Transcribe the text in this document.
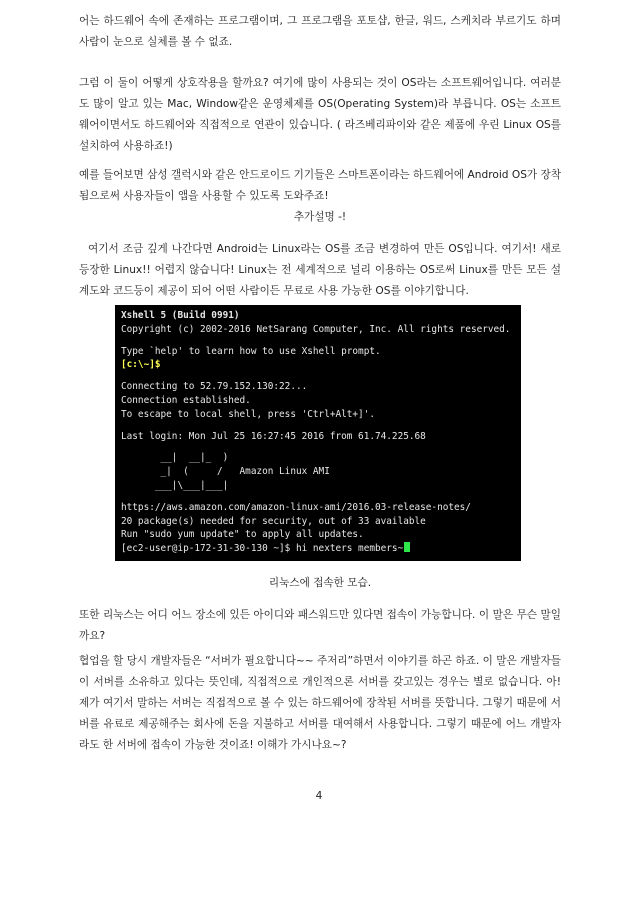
어는 하드웨어 속에 존재하는 프로그램이며, 그 프로그램을 포토샵, 한글, 워드, 스케치라 부르기도 하며 사람이 눈으로 실체를 볼 수 없죠.

그럼 이 둘이 어떻게 상호작용을 할까요? 여기에 많이 사용되는 것이 OS라는 소프트웨어입니다. 여러분도 많이 알고 있는 Mac, Window같은 운영체제를 OS(Operating System)라 부릅니다. OS는 소프트웨어이면서도 하드웨어와 직접적으로 연관이 있습니다. ( 라즈베리파이와 같은 제품에 우린 Linux OS를 설치하여 사용하죠!)

예를 들어보면 삼성 갤럭시와 같은 안드로이드 기기들은 스마트폰이라는 하드웨어에 Android OS가 장착됨으로써 사용자들이 앱을 사용할 수 있도록 도와주죠!

추가설명 -!

여기서 조금 깊게 나간다면 Android는 Linux라는 OS를 조금 변경하여 만든 OS입니다. 여기서! 새로 등장한 Linux!! 어렵지 않습니다! Linux는 전 세계적으로 널리 이용하는 OS로써 Linux를 만든 모든 설계도와 코드등이 제공이 되어 어떤 사람이든 무료로 사용 가능한 OS를 이야기합니다.

Xshell 5 (Build 0991)
Copyright (c) 2002-2016 NetSarang Computer, Inc. All rights reserved.
Type `help' to learn how to use Xshell prompt.
[c:\~]$
Connecting to 52.79.152.130:22...
Connection established.
To escape to local shell, press 'Ctrl+Alt+]'.
Last login: Mon Jul 25 16:27:45 2016 from 61.74.225.68
__|  __|_  )
_|  (     /   Amazon Linux AMI
___|\___|___|
https://aws.amazon.com/amazon-linux-ami/2016.03-release-notes/
20 package(s) needed for security, out of 33 available
Run "sudo yum update" to apply all updates.
[ec2-user@ip-172-31-30-130 ~]$ hi nexters members~

리눅스에 접속한 모습.

또한 리눅스는 어디 어느 장소에 있든 아이디와 패스워드만 있다면 접속이 가능합니다. 이 말은 무슨 말일까요?

협업을 할 당시 개발자들은 “서버가 필요합니다~~ 주저리”하면서 이야기를 하곤 하죠. 이 말은 개발자들이 서버를 소유하고 있다는 뜻인데, 직접적으로 개인적으론 서버를 갖고있는 경우는 별로 없습니다. 아! 제가 여기서 말하는 서버는 직접적으로 볼 수 있는 하드웨어에 장착된 서버를 뜻합니다. 그렇기 때문에 서버를 유료로 제공해주는 회사에 돈을 지불하고 서버를 대여해서 사용합니다. 그렇기 때문에 어느 개발자라도 한 서버에 접속이 가능한 것이죠! 이해가 가시나요~?

4
